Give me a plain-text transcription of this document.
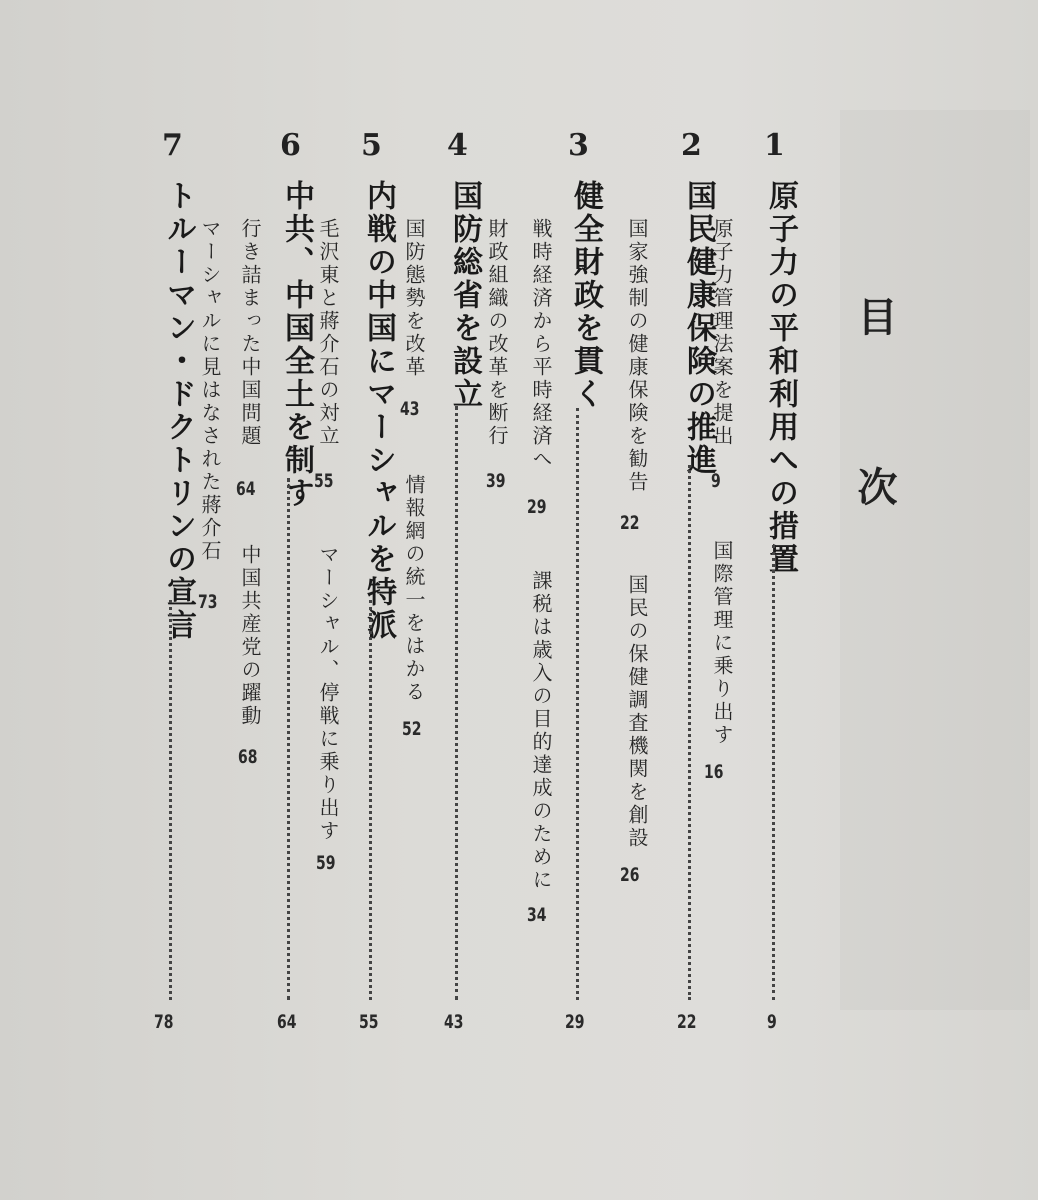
目次
1
原子力の平和利用への措置
9
原子力管理法案を提出
9
国際管理に乗り出す
16
2
国民健康保険の推進
22
国家強制の健康保険を勧告
22
国民の保健調査機関を創設
26
3
健全財政を貫く
29
戦時経済から平時経済へ
29
課税は歳入の目的達成のために
34
財政組織の改革を断行
39
4
国防総省を設立
43
国防態勢を改革
43
情報網の統一をはかる
52
5
内戦の中国にマーシャルを特派
55
毛沢東と蔣介石の対立
55
マーシャル、停戦に乗り出す
59
6
中共、中国全土を制す
64
行き詰まった中国問題
64
中国共産党の躍動
68
マーシャルに見はなされた蔣介石
73
7
トルーマン・ドクトリンの宣言
78
